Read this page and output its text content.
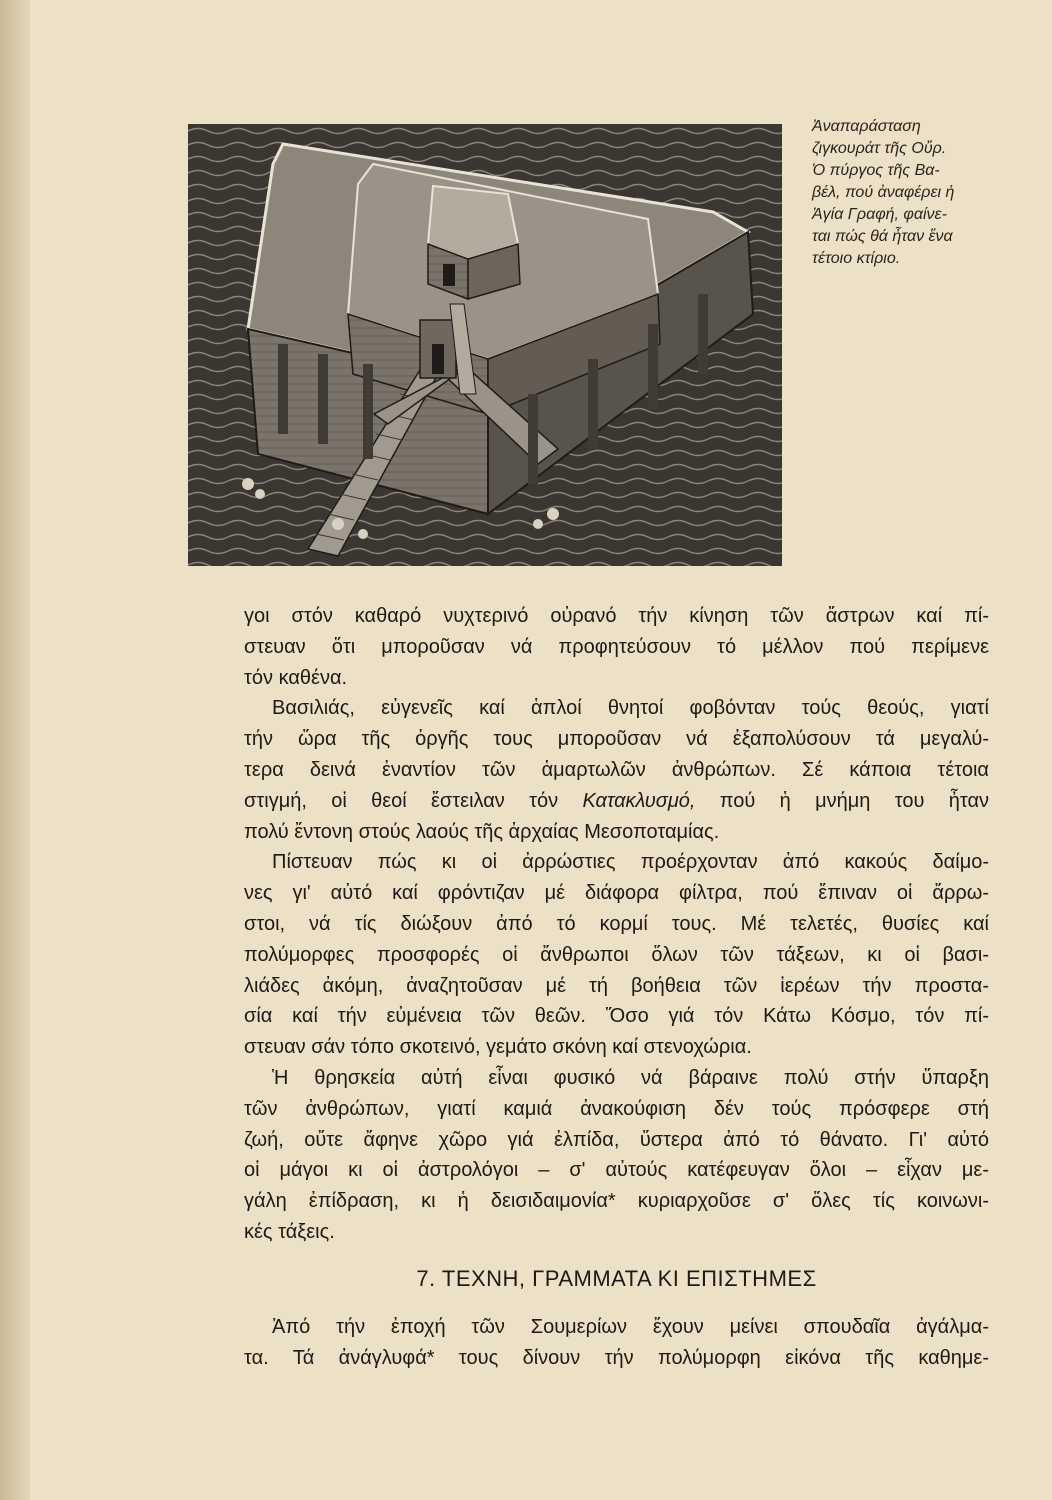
Ἀναπαράσταση
ζιγκουράτ τῆς Οὔρ.
Ὁ πύργος τῆς Βα-
βέλ, πού ἀναφέρει ἡ
Ἁγία Γραφή, φαίνε-
ται πώς θά ἦταν ἕνα
τέτοιο κτίριο.
γοι στόν καθαρό νυχτερινό οὐρανό τήν κίνηση τῶν ἄστρων καί πί-
στευαν ὅτι μποροῦσαν νά προφητεύσουν τό μέλλον πού περίμενε
τόν καθένα.
Βασιλιάς, εὐγενεῖς καί ἁπλοί θνητοί φοβόνταν τούς θεούς, γιατί
τήν ὥρα τῆς ὀργῆς τους μποροῦσαν νά ἐξαπολύσουν τά μεγαλύ-
τερα δεινά ἐναντίον τῶν ἁμαρτωλῶν ἀνθρώπων. Σέ κάποια τέτοια
στιγμή, οἱ θεοί ἔστειλαν τόν Κατακλυσμό, πού ἡ μνήμη του ἦταν
πολύ ἔντονη στούς λαούς τῆς ἀρχαίας Μεσοποταμίας.
Πίστευαν πώς κι οἱ ἀρρώστιες προέρχονταν ἀπό κακούς δαίμο-
νες γι' αὐτό καί φρόντιζαν μέ διάφορα φίλτρα, πού ἔπιναν οἱ ἄρρω-
στοι, νά τίς διώξουν ἀπό τό κορμί τους. Μέ τελετές, θυσίες καί
πολύμορφες προσφορές οἱ ἄνθρωποι ὅλων τῶν τάξεων, κι οἱ βασι-
λιάδες ἀκόμη, ἀναζητοῦσαν μέ τή βοήθεια τῶν ἱερέων τήν προστα-
σία καί τήν εὐμένεια τῶν θεῶν. Ὅσο γιά τόν Κάτω Κόσμο, τόν πί-
στευαν σάν τόπο σκοτεινό, γεμάτο σκόνη καί στενοχώρια.
Ἡ θρησκεία αὐτή εἶναι φυσικό νά βάραινε πολύ στήν ὕπαρξη
τῶν ἀνθρώπων, γιατί καμιά ἀνακούφιση δέν τούς πρόσφερε στή
ζωή, οὔτε ἄφηνε χῶρο γιά ἐλπίδα, ὕστερα ἀπό τό θάνατο. Γι' αὐτό
οἱ μάγοι κι οἱ ἀστρολόγοι – σ' αὐτούς κατέφευγαν ὅλοι – εἶχαν με-
γάλη ἐπίδραση, κι ἡ δεισιδαιμονία* κυριαρχοῦσε σ' ὅλες τίς κοινωνι-
κές τάξεις.
7. ΤΕΧΝΗ, ΓΡΑΜΜΑΤΑ ΚΙ ΕΠΙΣΤΗΜΕΣ
Ἀπό τήν ἐποχή τῶν Σουμερίων ἔχουν μείνει σπουδαῖα ἀγάλμα-
τα. Τά ἀνάγλυφά* τους δίνουν τήν πολύμορφη εἰκόνα τῆς καθημε-
